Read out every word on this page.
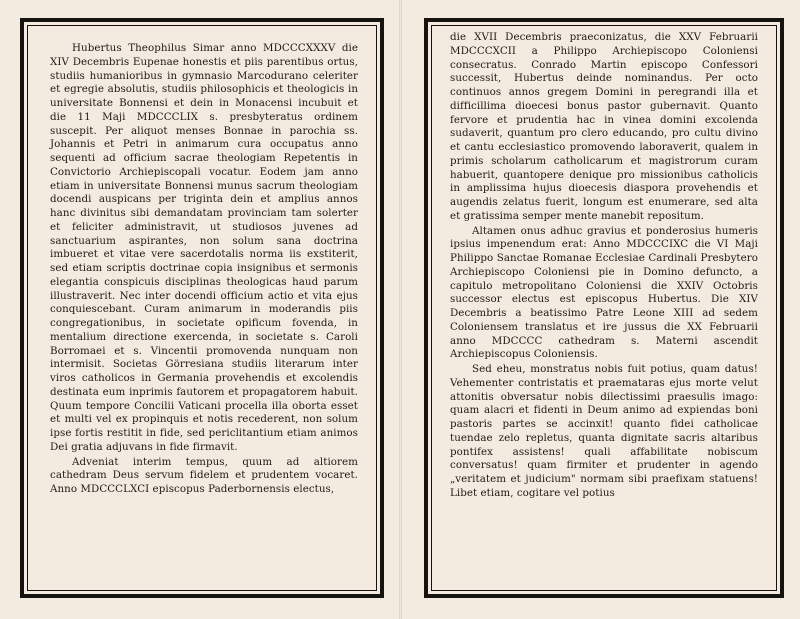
Hubertus Theophilus Simar anno MDCCCXXXV die XIV Decembris Eupenae honestis et piis parentibus ortus, studiis humanioribus in gymnasio Marcodurano celeriter et egregie absolutis, studiis philosophicis et theologicis in universitate Bonnensi et dein in Monacensi incubuit et die 11 Maji MDCCCLIX s. presbyteratus ordinem suscepit. Per aliquot menses Bonnae in parochia ss. Johannis et Petri in animarum cura occupatus anno sequenti ad officium sacrae theologiam Repetentis in Convictorio Archiepiscopali vocatur. Eodem jam anno etiam in universitate Bonnensi munus sacrum theologiam docendi auspicans per triginta dein et amplius annos hanc divinitus sibi demandatam provinciam tam solerter et feliciter administravit, ut studiosos juvenes ad sanctuarium aspirantes, non solum sana doctrina imbueret et vitae vere sacerdotalis norma iis exstiterit, sed etiam scriptis doctrinae copia insignibus et sermonis elegantia conspicuis disciplinas theologicas haud parum illustraverit. Nec inter docendi officium actio et vita ejus conquiescebant. Curam animarum in moderandis piis congregationibus, in societate opificum fovenda, in mentalium directione exercenda, in societate s. Caroli Borromaei et s. Vincentii promovenda nunquam non intermisit. Societas Görresiana studiis literarum inter viros catholicos in Germania provehendis et excolendis destinata eum inprimis fautorem et propagatorem habuit. Quum tempore Concilii Vaticani procella illa oborta esset et multi vel ex propinquis et notis recederent, non solum ipse fortis restitit in fide, sed periclitantium etiam animos Dei gratia adjuvans in fide firmavit.

Adveniat interim tempus, quum ad altiorem cathedram Deus servum fidelem et prudentem vocaret. Anno MDCCCLXCI episcopus Paderbornensis electus,

die XVII Decembris praeconizatus, die XXV Februarii MDCCCXCII a Philippo Archiepiscopo Coloniensi consecratus. Conrado Martin episcopo Confessori successit, Hubertus deinde nominandus. Per octo continuos annos gregem Domini in peregrandi illa et difficillima dioecesi bonus pastor gubernavit. Quanto fervore et prudentia hac in vinea domini excolenda sudaverit, quantum pro clero educando, pro cultu divino et cantu ecclesiastico promovendo laboraverit, qualem in primis scholarum catholicarum et magistrorum curam habuerit, quantopere denique pro missionibus catholicis in amplissima hujus dioecesis diaspora provehendis et augendis zelatus fuerit, longum est enumerare, sed alta et gratissima semper mente manebit repositum.

Altamen onus adhuc gravius et ponderosius humeris ipsius impenendum erat: Anno MDCCCIXC die VI Maji Philippo Sanctae Romanae Ecclesiae Cardinali Presbytero Archiepiscopo Coloniensi pie in Domino defuncto, a capitulo metropolitano Coloniensi die XXIV Octobris successor electus est episcopus Hubertus. Die XIV Decembris a beatissimo Patre Leone XIII ad sedem Coloniensem translatus et ire jussus die XX Februarii anno MDCCCC cathedram s. Materni ascendit Archiepiscopus Coloniensis.

Sed eheu, monstratus nobis fuit potius, quam datus! Vehementer contristatis et praemataras ejus morte velut attonitis obversatur nobis dilectissimi praesulis imago: quam alacri et fidenti in Deum animo ad expiendas boni pastoris partes se accinxit! quanto fidei catholicae tuendae zelo repletus, quanta dignitate sacris altaribus pontifex assistens! quali affabilitate nobiscum conversatus! quam firmiter et prudenter in agendo „veritatem et judicium" normam sibi praefixam statuens! Libet etiam, cogitare vel potius
